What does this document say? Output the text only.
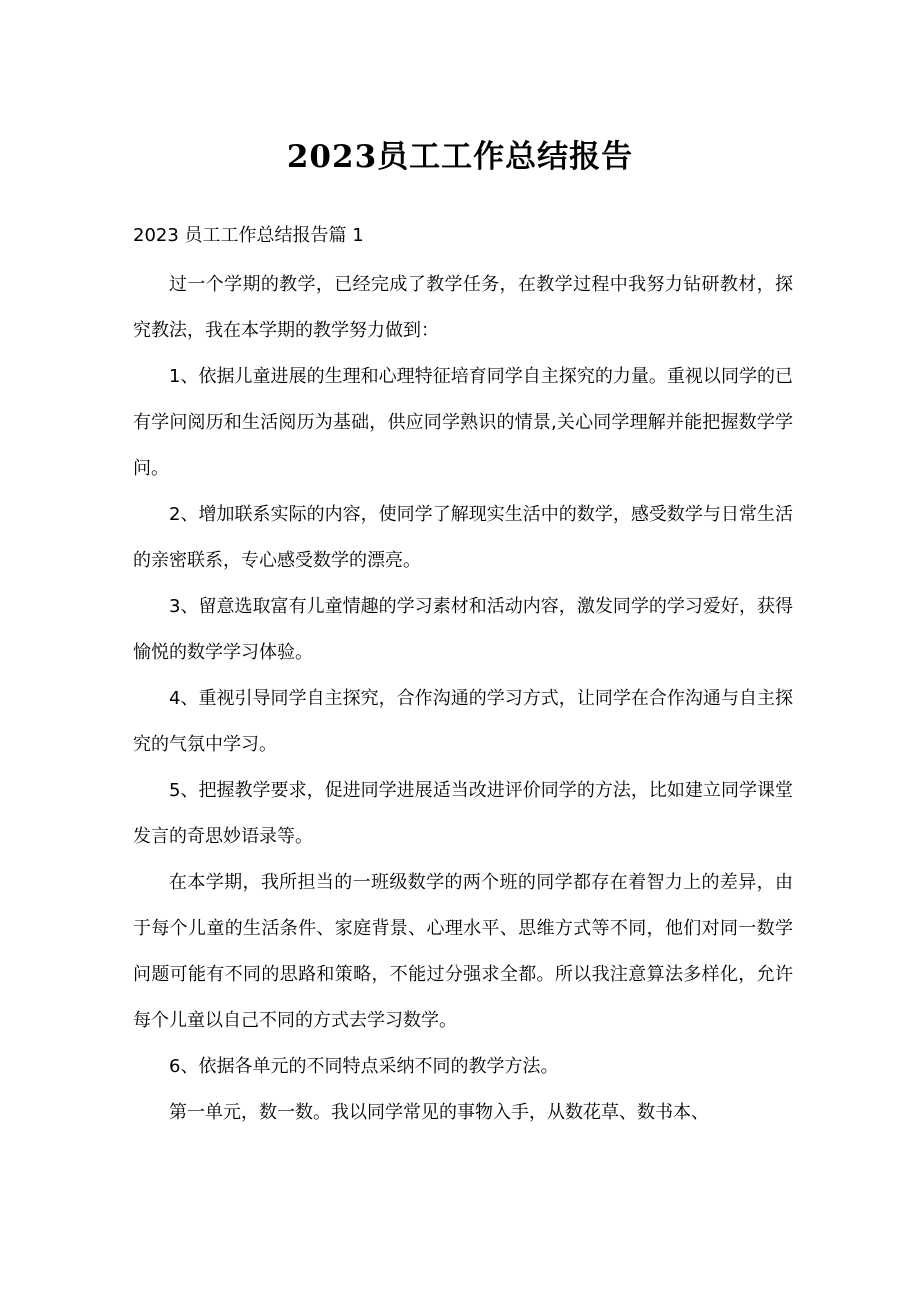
2023员工工作总结报告

2023 员工工作总结报告篇 1

过一个学期的教学，已经完成了教学任务，在教学过程中我努力钻研教材，探究教法，我在本学期的教学努力做到：

1、依据儿童进展的生理和心理特征培育同学自主探究的力量。重视以同学的已有学问阅历和生活阅历为基础，供应同学熟识的情景,关心同学理解并能把握数学学问。

2、增加联系实际的内容，使同学了解现实生活中的数学，感受数学与日常生活的亲密联系，专心感受数学的漂亮。

3、留意选取富有儿童情趣的学习素材和活动内容，激发同学的学习爱好，获得愉悦的数学学习体验。

4、重视引导同学自主探究，合作沟通的学习方式，让同学在合作沟通与自主探究的气氛中学习。

5、把握教学要求，促进同学进展适当改进评价同学的方法，比如建立同学课堂发言的奇思妙语录等。

在本学期，我所担当的一班级数学的两个班的同学都存在着智力上的差异，由于每个儿童的生活条件、家庭背景、心理水平、思维方式等不同，他们对同一数学问题可能有不同的思路和策略，不能过分强求全都。所以我注意算法多样化，允许每个儿童以自己不同的方式去学习数学。

6、依据各单元的不同特点采纳不同的教学方法。

第一单元，数一数。我以同学常见的事物入手，从数花草、数书本、
